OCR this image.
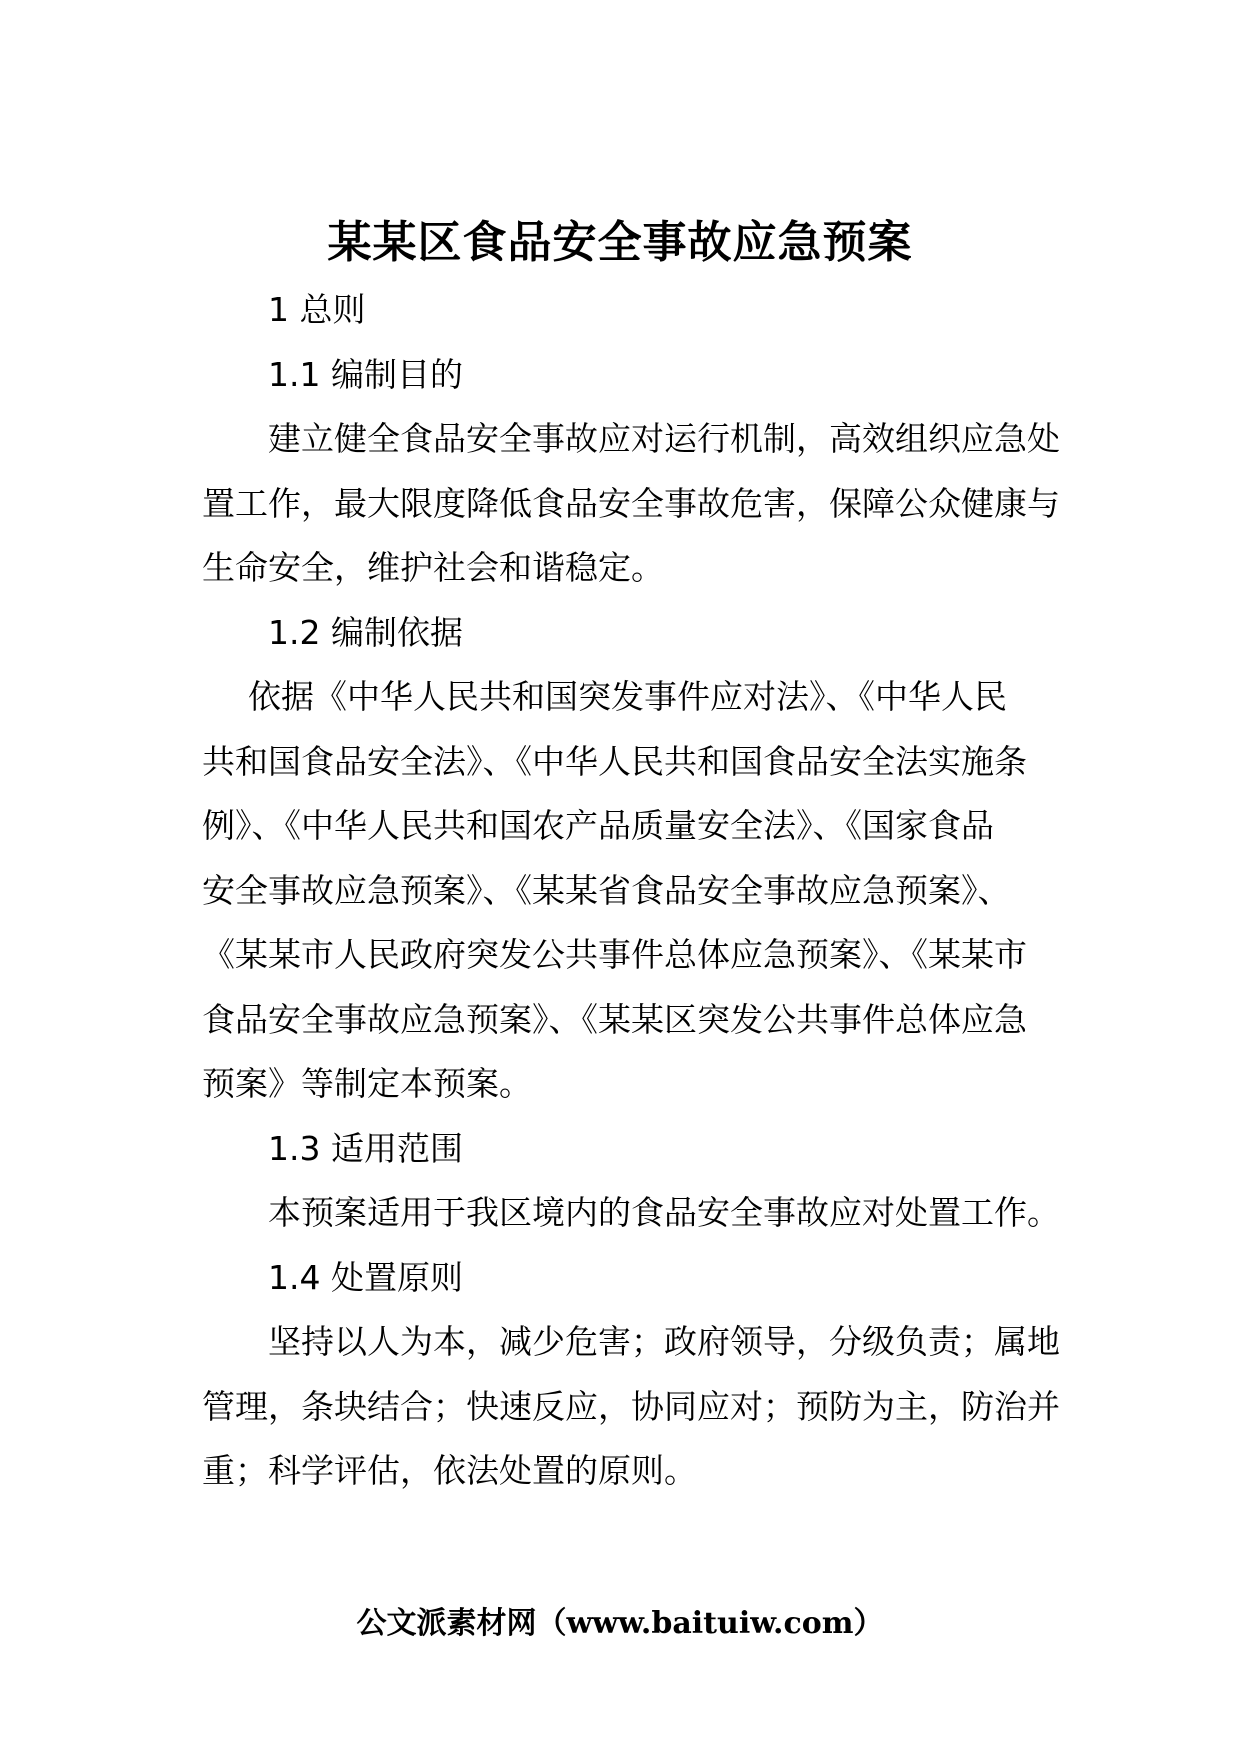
某某区食品安全事故应急预案

1 总则

1.1 编制目的

建立健全食品安全事故应对运行机制，高效组织应急处

置工作，最大限度降低食品安全事故危害，保障公众健康与

生命安全，维护社会和谐稳定。

1.2 编制依据

依据《中华人民共和国突发事件应对法》、《中华人民

共和国食品安全法》、《中华人民共和国食品安全法实施条

例》、《中华人民共和国农产品质量安全法》、《国家食品

安全事故应急预案》、《某某省食品安全事故应急预案》、

《某某市人民政府突发公共事件总体应急预案》、《某某市

食品安全事故应急预案》、《某某区突发公共事件总体应急

预案》等制定本预案。

1.3 适用范围

本预案适用于我区境内的食品安全事故应对处置工作。

1.4 处置原则

坚持以人为本，减少危害；政府领导，分级负责；属地

管理，条块结合；快速反应，协同应对；预防为主，防治并

重；科学评估，依法处置的原则。

公文派素材网（www.baituiw.com）
